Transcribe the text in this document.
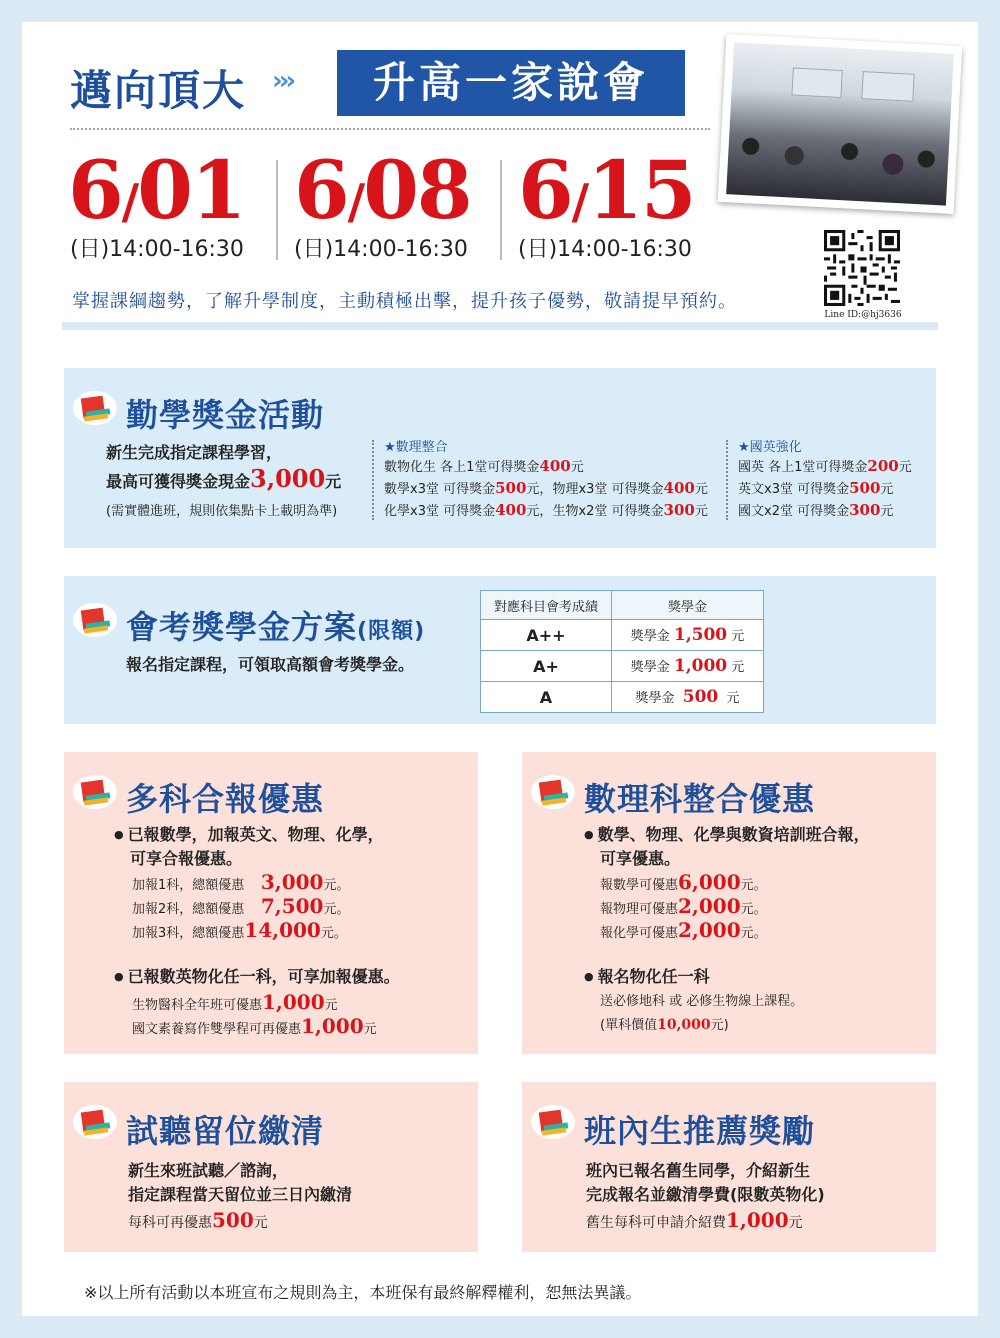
邁向頂大 ›››	升高一家說會
6/01 6/08 6/15
(日)14:00-16:30 (日)14:00-16:30 (日)14:00-16:30
Line ID:@hj3636
掌握課綱趨勢，了解升學制度，主動積極出擊，提升孩子優勢，敬請提早預約。
勤學獎金活動
新生完成指定課程學習，
最高可獲得獎金現金3,000元
(需實體進班，規則依集點卡上載明為準)
★數理整合
數物化生 各上1堂可得獎金400元
數學x3堂 可得獎金500元，物理x3堂 可得獎金400元
化學x3堂 可得獎金400元，生物x2堂 可得獎金300元
★國英強化
國英 各上1堂可得獎金200元
英文x3堂 可得獎金500元
國文x2堂 可得獎金300元
會考獎學金方案(限額)
報名指定課程，可領取高額會考獎學金。
對應科目會考成績	獎學金
A++	獎學金 1,500 元
A+	獎學金 1,000 元
A	獎學金 500 元
多科合報優惠
● 已報數學，加報英文、物理、化學，
可享合報優惠。
加報1科，總額優惠 3,000元。
加報2科，總額優惠 7,500元。
加報3科，總額優惠14,000元。
● 已報數英物化任一科，可享加報優惠。
生物醫科全年班可優惠1,000元
國文素養寫作雙學程可再優惠1,000元
數理科整合優惠
● 數學、物理、化學與數資培訓班合報，
可享優惠。
報數學可優惠6,000元。
報物理可優惠2,000元。
報化學可優惠2,000元。
● 報名物化任一科
送必修地科 或 必修生物線上課程。
(單科價值10,000元)
試聽留位繳清
新生來班試聽／諮詢，
指定課程當天留位並三日內繳清
每科可再優惠500元
班內生推薦獎勵
班內已報名舊生同學，介紹新生
完成報名並繳清學費(限數英物化)
舊生每科可申請介紹費1,000元
※以上所有活動以本班宣布之規則為主，本班保有最終解釋權利，恕無法異議。
